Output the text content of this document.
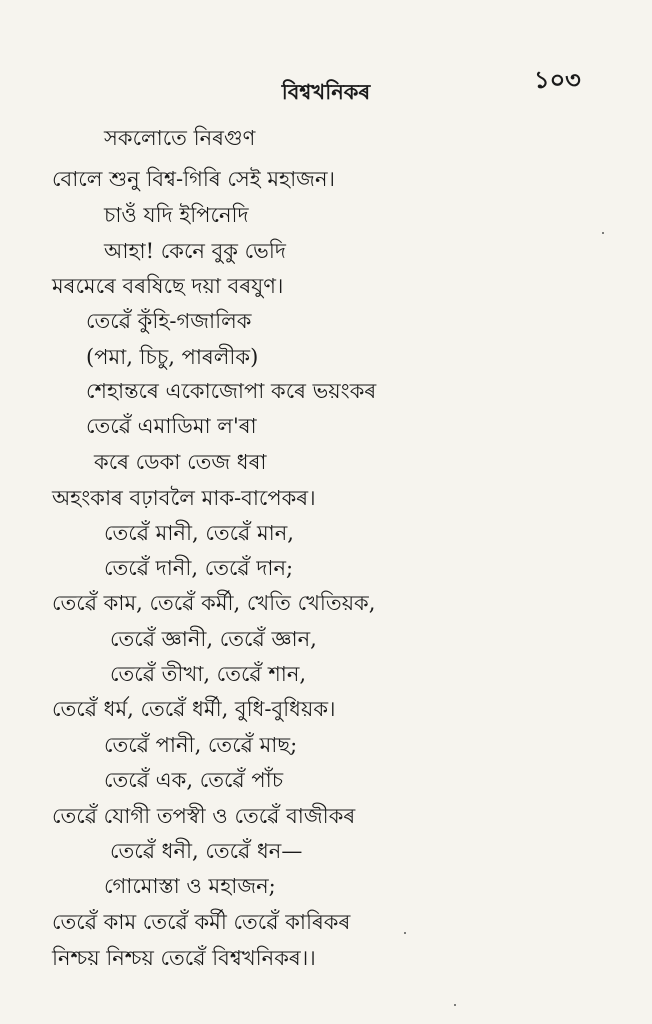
বিশ্বখনিকৰ	১০৩
সকলোতে নিৰগুণ
বোলে শুনু বিশ্ব-গিৰি সেই মহাজন।
চাওঁ যদি ইপিনেদি
আহা! কেনে বুকু ভেদি
মৰমেৰে বৰষিছে দয়া বৰযুণ।
তেৱেঁ কুঁহি-গজালিক
(পমা, চিচু, পাৰলীক)
শেহান্তৰে একোজোপা কৰে ভয়ংকৰ
তেৱেঁ এমাডিমা ল'ৰা
কৰে ডেকা তেজ ধৰা
অহংকাৰ বঢ়াবলৈ মাক-বাপেকৰ।
তেৱেঁ মানী, তেৱেঁ মান,
তেৱেঁ দানী, তেৱেঁ দান;
তেৱেঁ কাম, তেৱেঁ কৰ্মী, খেতি খেতিয়ক,
তেৱেঁ জ্ঞানী, তেৱেঁ জ্ঞান,
তেৱেঁ তীখা, তেৱেঁ শান,
তেৱেঁ ধৰ্ম, তেৱেঁ ধৰ্মী, বুধি-বুধিয়ক।
তেৱেঁ পানী, তেৱেঁ মাছ;
তেৱেঁ এক, তেৱেঁ পাঁচ
তেৱেঁ যোগী তপস্বী ও তেৱেঁ বাজীকৰ
তেৱেঁ ধনী, তেৱেঁ ধন—
গোমোস্তা ও মহাজন;
তেৱেঁ কাম তেৱেঁ কৰ্মী তেৱেঁ কাৰিকৰ
নিশ্চয় নিশ্চয় তেৱেঁ বিশ্বখনিকৰ।।
